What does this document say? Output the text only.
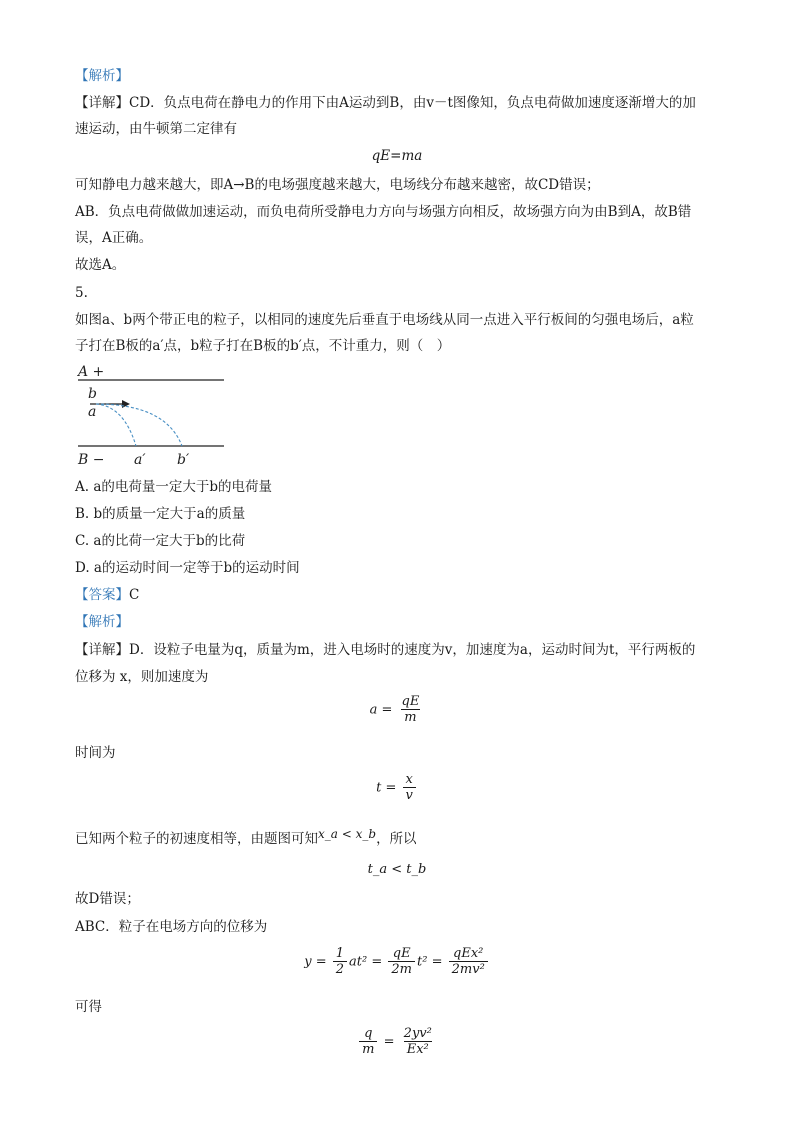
【解析】
【详解】CD．负点电荷在静电力的作用下由A运动到B，由v－t图像知，负点电荷做加速度逐渐增大的加
速运动，由牛顿第二定律有
qE=ma
可知静电力越来越大，即A→B的电场强度越来越大，电场线分布越来越密，故CD错误；
AB．负点电荷做做加速运动，而负电荷所受静电力方向与场强方向相反，故场强方向为由B到A，故B错
误，A正确。
故选A。
5.
如图a、b两个带正电的粒子，以相同的速度先后垂直于电场线从同一点进入平行板间的匀强电场后，a粒
子打在B板的a′点，b粒子打在B板的b′点，不计重力，则（　）
A +
b
a
B − a′ b′
A. a的电荷量一定大于b的电荷量
B. b的质量一定大于a的质量
C. a的比荷一定大于b的比荷
D. a的运动时间一定等于b的运动时间
【答案】C
【解析】
【详解】D．设粒子电量为q，质量为m，进入电场时的速度为v，加速度为a，运动时间为t，平行两板的
位移为 x，则加速度为
$a = \frac{qE}{m}$
时间为
$t = \frac{x}{v}$
已知两个粒子的初速度相等，由题图可知x_a < x_b，所以
t_a < t_b
故D错误；
ABC．粒子在电场方向的位移为
$y = \frac{1}{2} at^2 = \frac{qE}{2m} t^2 = \frac{\text{qEx²}}{\text{2mv²}}$
可得
$\frac{q}{m} = \frac{\text{2yv²}}{\text{Ex²}}$
